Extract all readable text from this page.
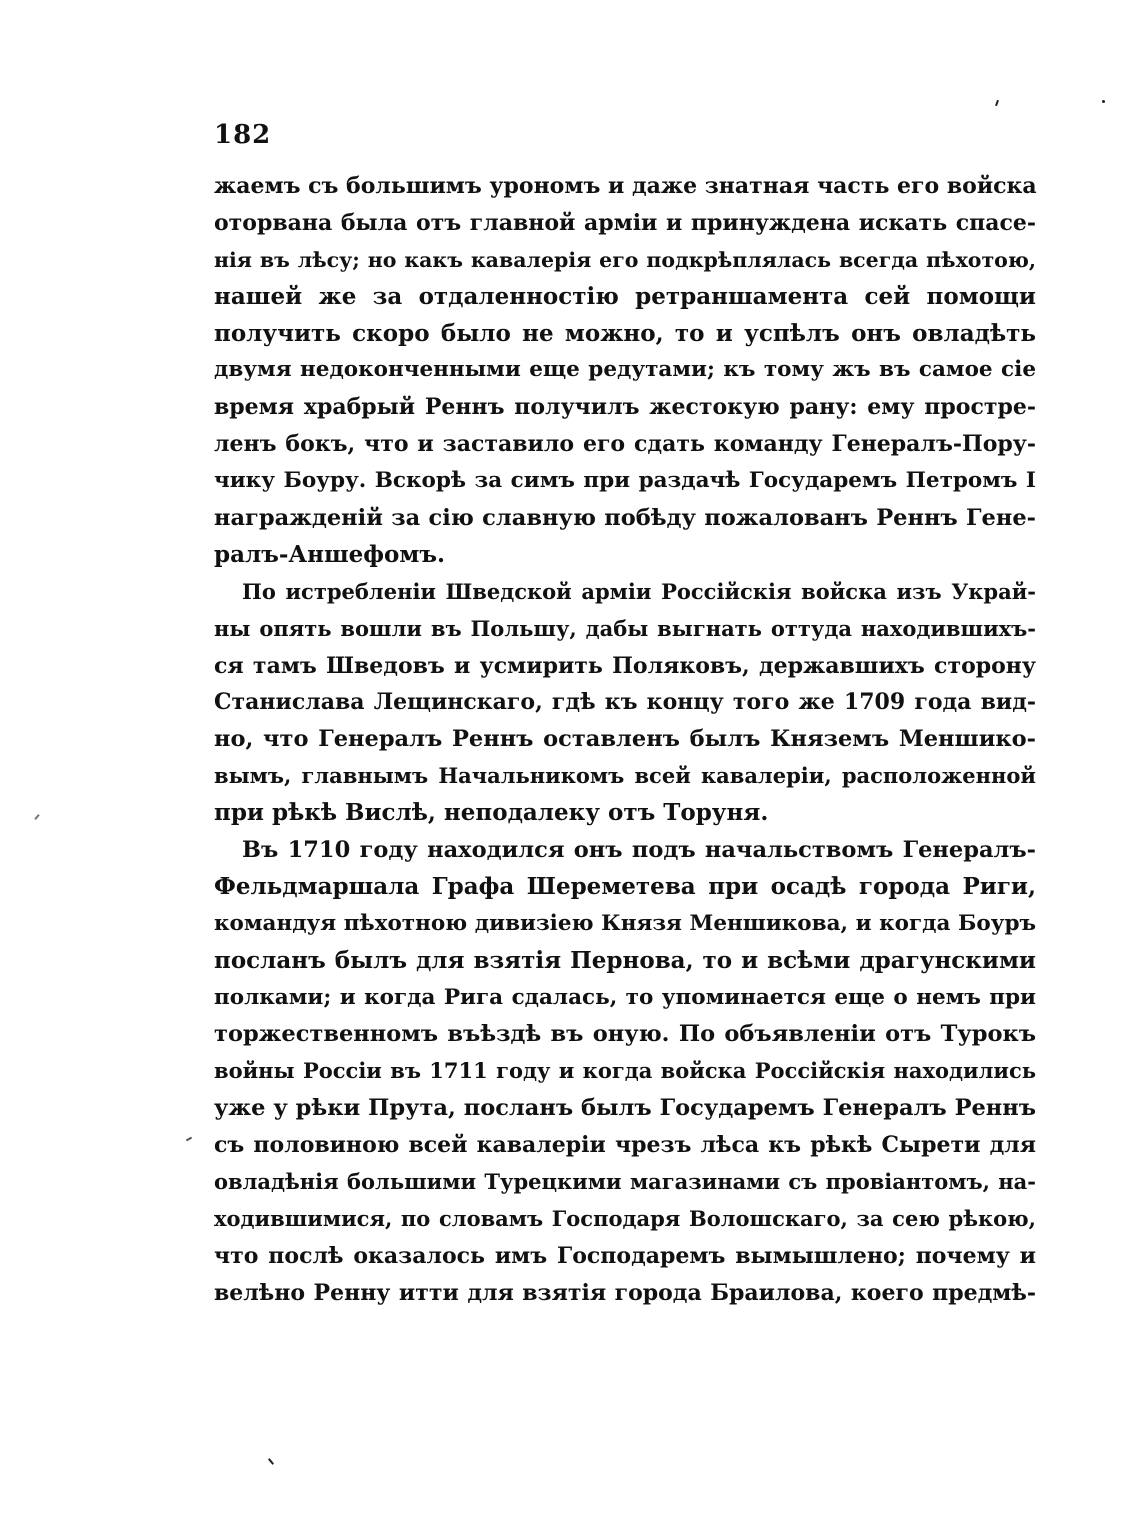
182
жаемъ съ большимъ урономъ и даже знатная часть его войска
оторвана была отъ главной арміи и принуждена искать спасе-
нія въ лѣсу; но какъ кавалерія его подкрѣплялась всегда пѣхотою,
нашей же за отдаленностію ретраншамента сей помощи
получить скоро было не можно, то и успѣлъ онъ овладѣть
двумя недоконченными еще редутами; къ тому жъ въ самое сіе
время храбрый Реннъ получилъ жестокую рану: ему простре-
ленъ бокъ, что и заставило его сдать команду Генералъ-Пору-
чику Боуру. Вскорѣ за симъ при раздачѣ Государемъ Петромъ I
награжденій за сію славную побѣду пожалованъ Реннъ Гене-
ралъ-Аншефомъ.
По истребленіи Шведской арміи Россійскія войска изъ Украй-
ны опять вошли въ Польшу, дабы выгнать оттуда находившихъ-
ся тамъ Шведовъ и усмирить Поляковъ, державшихъ сторону
Станислава Лещинскаго, гдѣ къ концу того же 1709 года вид-
но, что Генералъ Реннъ оставленъ былъ Княземъ Меншико-
вымъ, главнымъ Начальникомъ всей кавалеріи, расположенной
при рѣкѣ Вислѣ, неподалеку отъ Торуня.
Въ 1710 году находился онъ подъ начальствомъ Генералъ-
Фельдмаршала Графа Шереметева при осадѣ города Риги,
командуя пѣхотною дивизіею Князя Меншикова, и когда Боуръ
посланъ былъ для взятія Пернова, то и всѣми драгунскими
полками; и когда Рига сдалась, то упоминается еще о немъ при
торжественномъ въѣздѣ въ оную. По объявленіи отъ Турокъ
войны Россіи въ 1711 году и когда войска Россійскія находились
уже у рѣки Прута, посланъ былъ Государемъ Генералъ Реннъ
съ половиною всей кавалеріи чрезъ лѣса къ рѣкѣ Сырети для
овладѣнія большими Турецкими магазинами съ провіантомъ, на-
ходившимися, по словамъ Господаря Волошскаго, за сею рѣкою,
что послѣ оказалось имъ Господаремъ вымышлено; почему и
велѣно Ренну итти для взятія города Браилова, коего предмѣ-
